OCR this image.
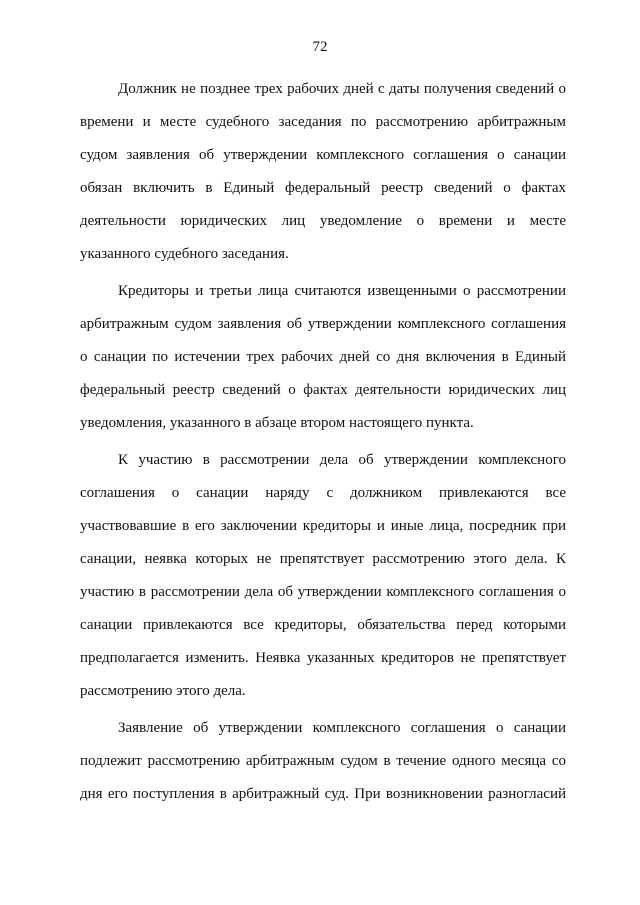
72
Должник не позднее трех рабочих дней с даты получения сведений о
времени и месте судебного заседания по рассмотрению арбитражным
судом заявления об утверждении комплексного соглашения о санации
обязан включить в Единый федеральный реестр сведений о фактах
деятельности юридических лиц уведомление о времени и месте
указанного судебного заседания.
Кредиторы и третьи лица считаются извещенными о рассмотрении
арбитражным судом заявления об утверждении комплексного соглашения
о санации по истечении трех рабочих дней со дня включения в Единый
федеральный реестр сведений о фактах деятельности юридических лиц
уведомления, указанного в абзаце втором настоящего пункта.
К участию в рассмотрении дела об утверждении комплексного
соглашения о санации наряду с должником привлекаются все
участвовавшие в его заключении кредиторы и иные лица, посредник при
санации, неявка которых не препятствует рассмотрению этого дела. К
участию в рассмотрении дела об утверждении комплексного соглашения о
санации привлекаются все кредиторы, обязательства перед которыми
предполагается изменить. Неявка указанных кредиторов не препятствует
рассмотрению этого дела.
Заявление об утверждении комплексного соглашения о санации
подлежит рассмотрению арбитражным судом в течение одного месяца со
дня его поступления в арбитражный суд. При возникновении разногласий
